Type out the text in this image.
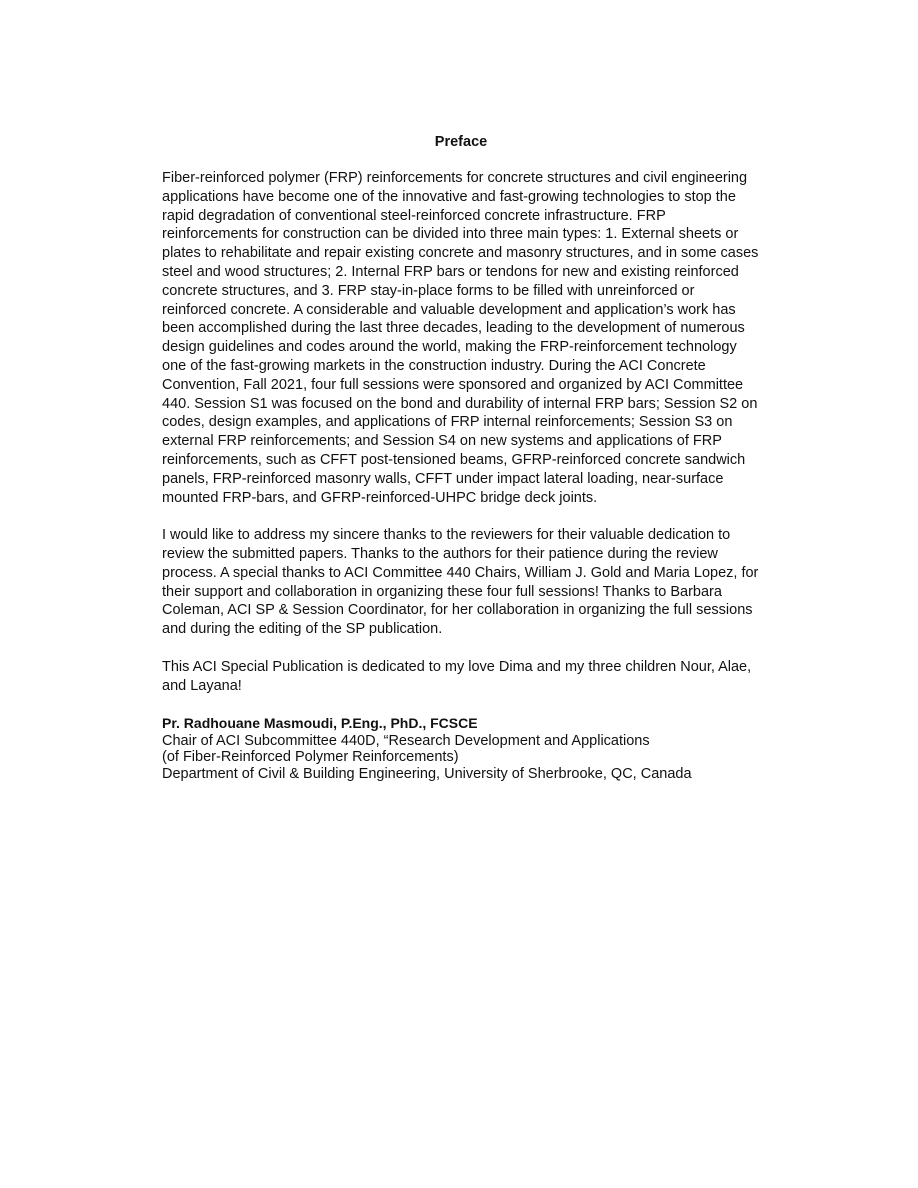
Preface

Fiber-reinforced polymer (FRP) reinforcements for concrete structures and civil engineering applications have become one of the innovative and fast-growing technologies to stop the rapid degradation of conventional steel-reinforced concrete infrastructure. FRP reinforcements for construction can be divided into three main types: 1. External sheets or plates to rehabilitate and repair existing concrete and masonry structures, and in some cases steel and wood structures; 2. Internal FRP bars or tendons for new and existing reinforced concrete structures, and 3. FRP stay-in-place forms to be filled with unreinforced or reinforced concrete. A considerable and valuable development and application’s work has been accomplished during the last three decades, leading to the development of numerous design guidelines and codes around the world, making the FRP-reinforcement technology one of the fast-growing markets in the construction industry. During the ACI Concrete Convention, Fall 2021, four full sessions were sponsored and organized by ACI Committee 440. Session S1 was focused on the bond and durability of internal FRP bars; Session S2 on codes, design examples, and applications of FRP internal reinforcements; Session S3 on external FRP reinforcements; and Session S4 on new systems and applications of FRP reinforcements, such as CFFT post-tensioned beams, GFRP-reinforced concrete sandwich panels, FRP-reinforced masonry walls, CFFT under impact lateral loading, near-surface mounted FRP-bars, and GFRP-reinforced-UHPC bridge deck joints.

I would like to address my sincere thanks to the reviewers for their valuable dedication to review the submitted papers. Thanks to the authors for their patience during the review process. A special thanks to ACI Committee 440 Chairs, William J. Gold and Maria Lopez, for their support and collaboration in organizing these four full sessions! Thanks to Barbara Coleman, ACI SP & Session Coordinator, for her collaboration in organizing the full sessions and during the editing of the SP publication.

This ACI Special Publication is dedicated to my love Dima and my three children Nour, Alae, and Layana!

Pr. Radhouane Masmoudi, P.Eng., PhD., FCSCE
Chair of ACI Subcommittee 440D, “Research Development and Applications
(of Fiber-Reinforced Polymer Reinforcements)
Department of Civil & Building Engineering, University of Sherbrooke, QC, Canada
